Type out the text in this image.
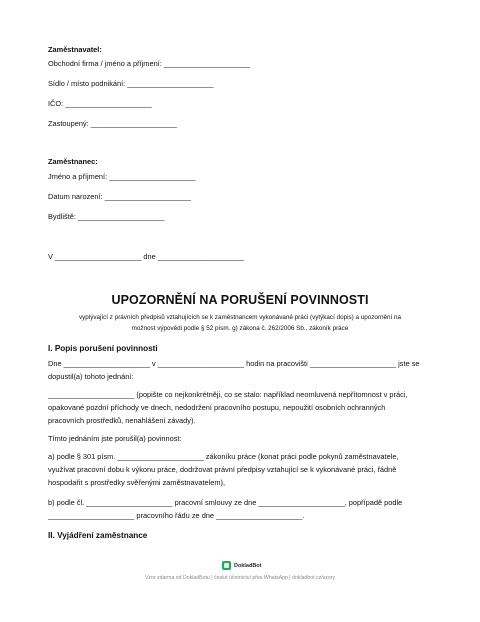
Zaměstnavatel:
Obchodní firma / jméno a příjmení: _____________________
Sídlo / místo podnikání: _____________________
IČO: _____________________
Zastoupený: _____________________
Zaměstnanec:
Jméno a příjmení: _____________________
Datum narození: _____________________
Bydliště: _____________________
V _____________________ dne _____________________
UPOZORNĚNÍ NA PORUŠENÍ POVINNOSTI
vyplývající z právních předpisů vztahujících se k zaměstnancem vykonávané práci (vytýkací dopis) a upozornění na
možnost výpovědi podle § 52 písm. g) zákona č. 262/2006 Sb., zákoník práce
I. Popis porušení povinnosti
Dne _____________________ v _____________________ hodin na pracovišti _____________________ jste se
dopustil(a) tohoto jednání:
_____________________ (popište co nejkonkrétněji, co se stalo: například neomluvená nepřítomnost v práci,
opakované pozdní příchody ve dnech, nedodržení pracovního postupu, nepoužití osobních ochranných
pracovních prostředků, nenahlášení závady).
Tímto jednáním jste porušil(a) povinnost:
a) podle § 301 písm. _____________________ zákoníku práce (konat práci podle pokynů zaměstnavatele,
využívat pracovní dobu k výkonu práce, dodržovat právní předpisy vztahující se k vykonávané práci, řádně
hospodařit s prostředky svěřenými zaměstnavatelem),
b) podle čl. _____________________ pracovní smlouvy ze dne _____________________, popřípadě podle
_____________________ pracovního řádu ze dne _____________________.
II. Vyjádření zaměstnance
DokladBot
Vzor zdarma od DokladBotu | české účetnictví přes WhatsApp | dokladbot.cz/vzory
